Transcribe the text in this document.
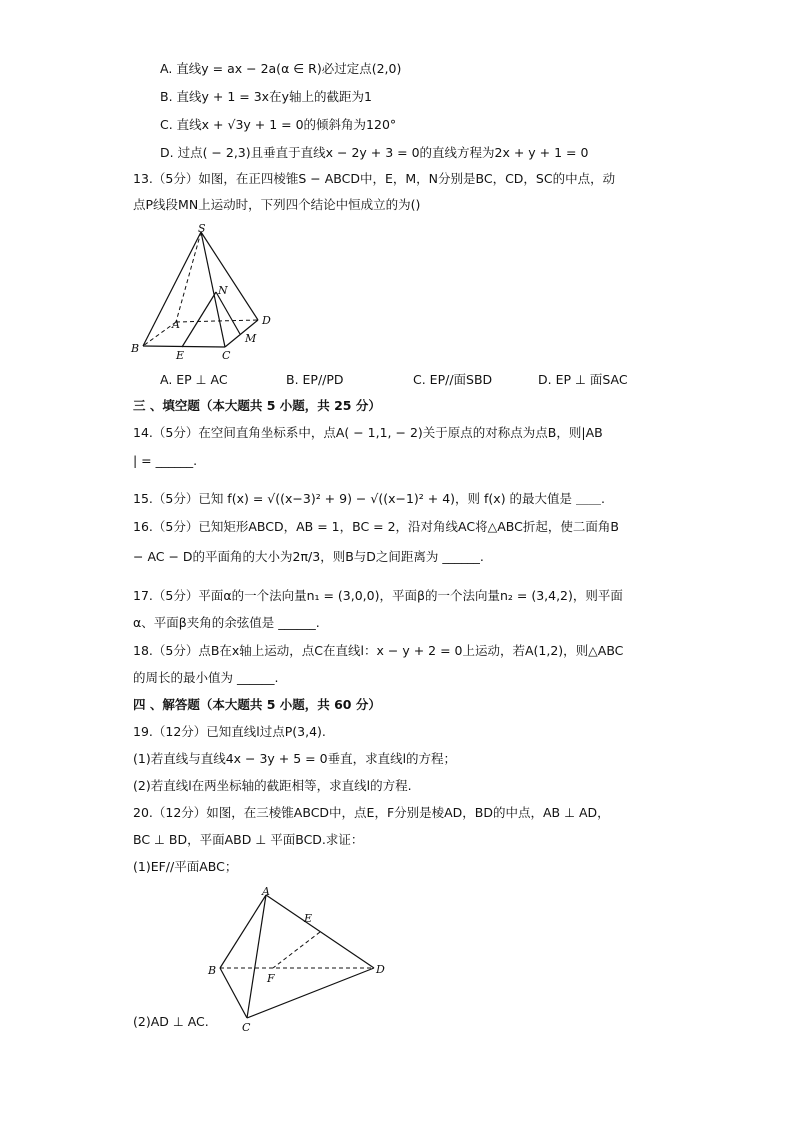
A. 直线y = ax − 2a(α ∈ R)必过定点(2,0)
B. 直线y + 1 = 3x在y轴上的截距为1
C. 直线x + √3y + 1 = 0的倾斜角为120°
D. 过点( − 2,3)且垂直于直线x − 2y + 3 = 0的直线方程为2x + y + 1 = 0
13.（5分）如图，在正四棱锥S − ABCD中，E，M，N分别是BC，CD，SC的中点，动
点P线段MN上运动时，下列四个结论中恒成立的为()
S
N
A	D
M
B
E	C
A. EP ⊥ AC	B. EP//PD	C. EP//面SBD	D. EP ⊥ 面SAC
三 、填空题（本大题共 5 小题，共 25 分）
14.（5分）在空间直角坐标系中，点A( − 1,1, − 2)关于原点的对称点为点B，则|AB
| = ______.
15.（5分）已知 f(x) = √((x−3)² + 9) − √((x−1)² + 4)，则 f(x) 的最大值是 ＿＿.
16.（5分）已知矩形ABCD，AB = 1，BC = 2，沿对角线AC将△ABC折起，使二面角B
− AC − D的平面角的大小为2π/3，则B与D之间距离为 ______.
17.（5分）平面α的一个法向量n₁ = (3,0,0)，平面β的一个法向量n₂ = (3,4,2)，则平面
α、平面β夹角的余弦值是 ______.
18.（5分）点B在x轴上运动，点C在直线l：x − y + 2 = 0上运动，若A(1,2)，则△ABC
的周长的最小值为 ______.
四 、解答题（本大题共 5 小题，共 60 分）
19.（12分）已知直线l过点P(3,4).
(1)若直线与直线4x − 3y + 5 = 0垂直，求直线l的方程；
(2)若直线l在两坐标轴的截距相等，求直线l的方程.
20.（12分）如图，在三棱锥ABCD中，点E，F分别是棱AD，BD的中点，AB ⊥ AD，
BC ⊥ BD，平面ABD ⊥ 平面BCD.求证：
(1)EF//平面ABC；
A
E
B	D
F
C
(2)AD ⊥ AC.
